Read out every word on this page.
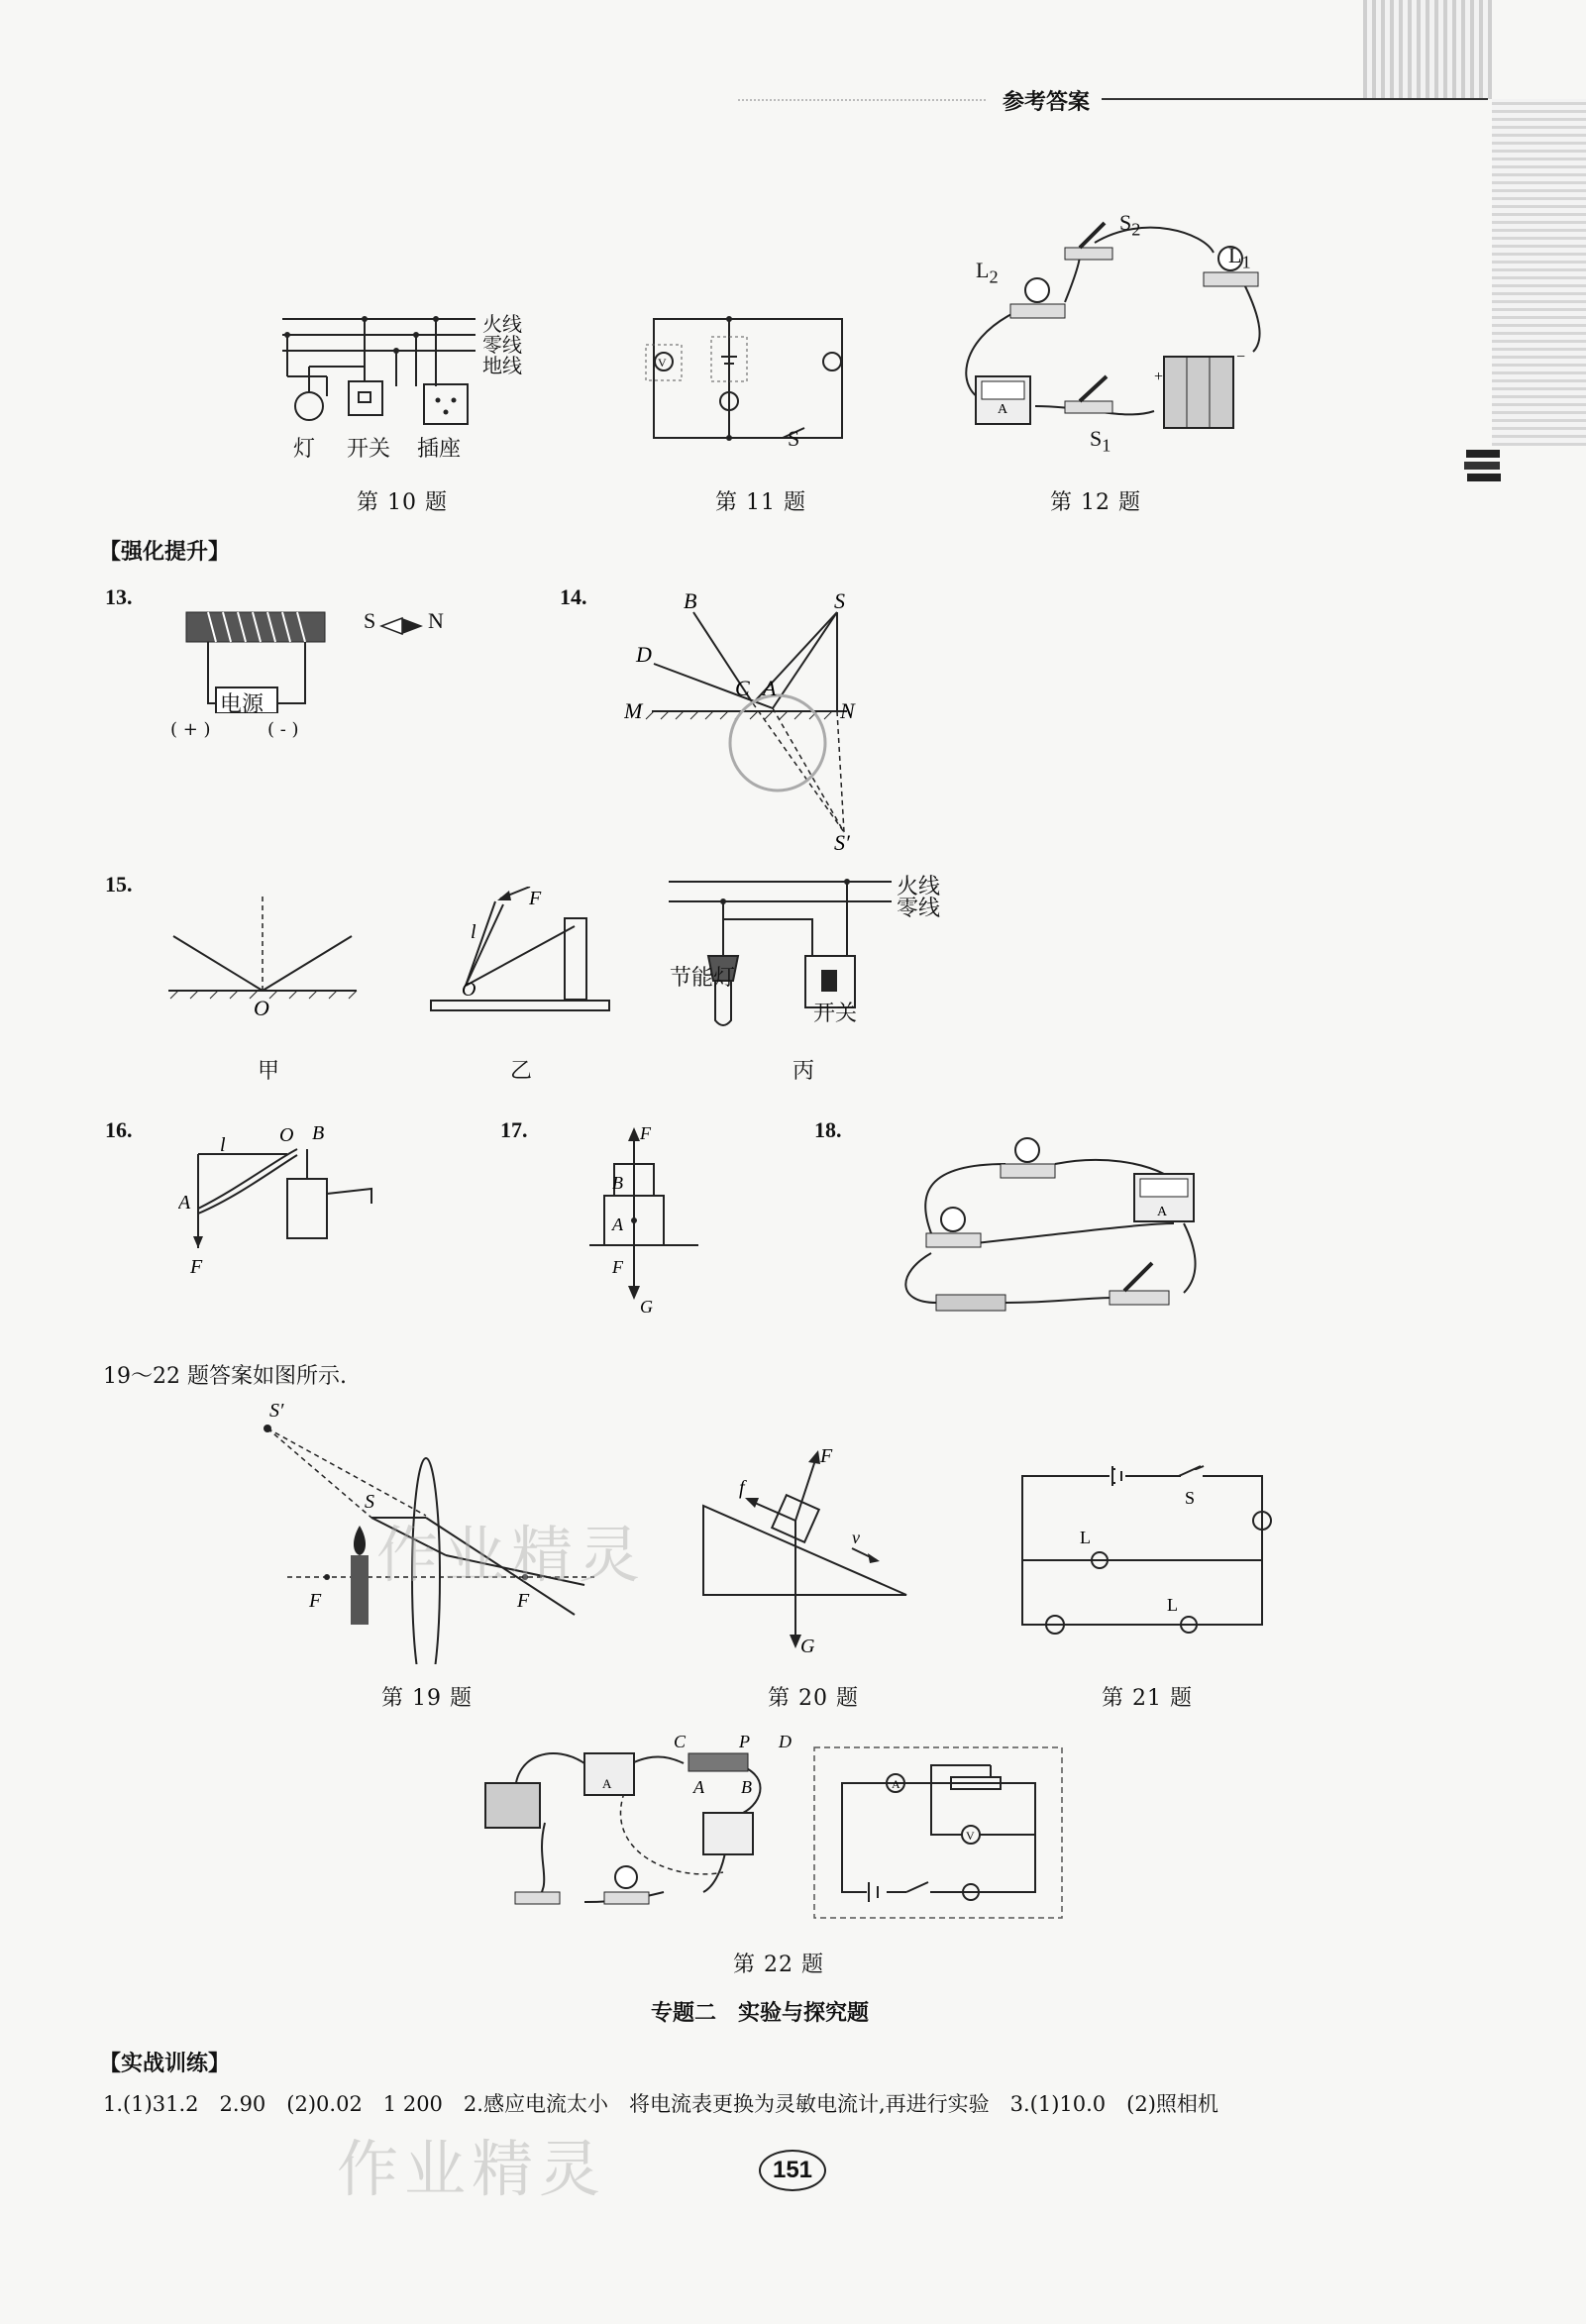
参考答案
火线
零线
地线
灯 开关 插座
第 10 题
V
S
第 11 题
A
+
−
$S_2$
$L_2$
$L_1$
$S_1$
第 12 题
【强化提升】
13.
电源
( + )	( - )
S N
14.	B	S
D
M
C A
N
S′
15.
O
O
l
F	火线
零线
节能灯
开关
甲	乙	丙
16.
A
l	O B
F
17.	F
B
A
F
G
18.
A
19～22 题答案如图所示.
S′
S
F	F
第 19 题
F
f
v
G
第 20 题
S
L
L
第 21 题
A
C	P D
A B	A
V
第 22 题
专题二　实验与探究题
【实战训练】
1.(1)31.2　2.90　(2)0.02　1 200　2.感应电流太小　将电流表更换为灵敏电流计,再进行实验　3.(1)10.0　(2)照相机
作业精灵
作业精灵	151
